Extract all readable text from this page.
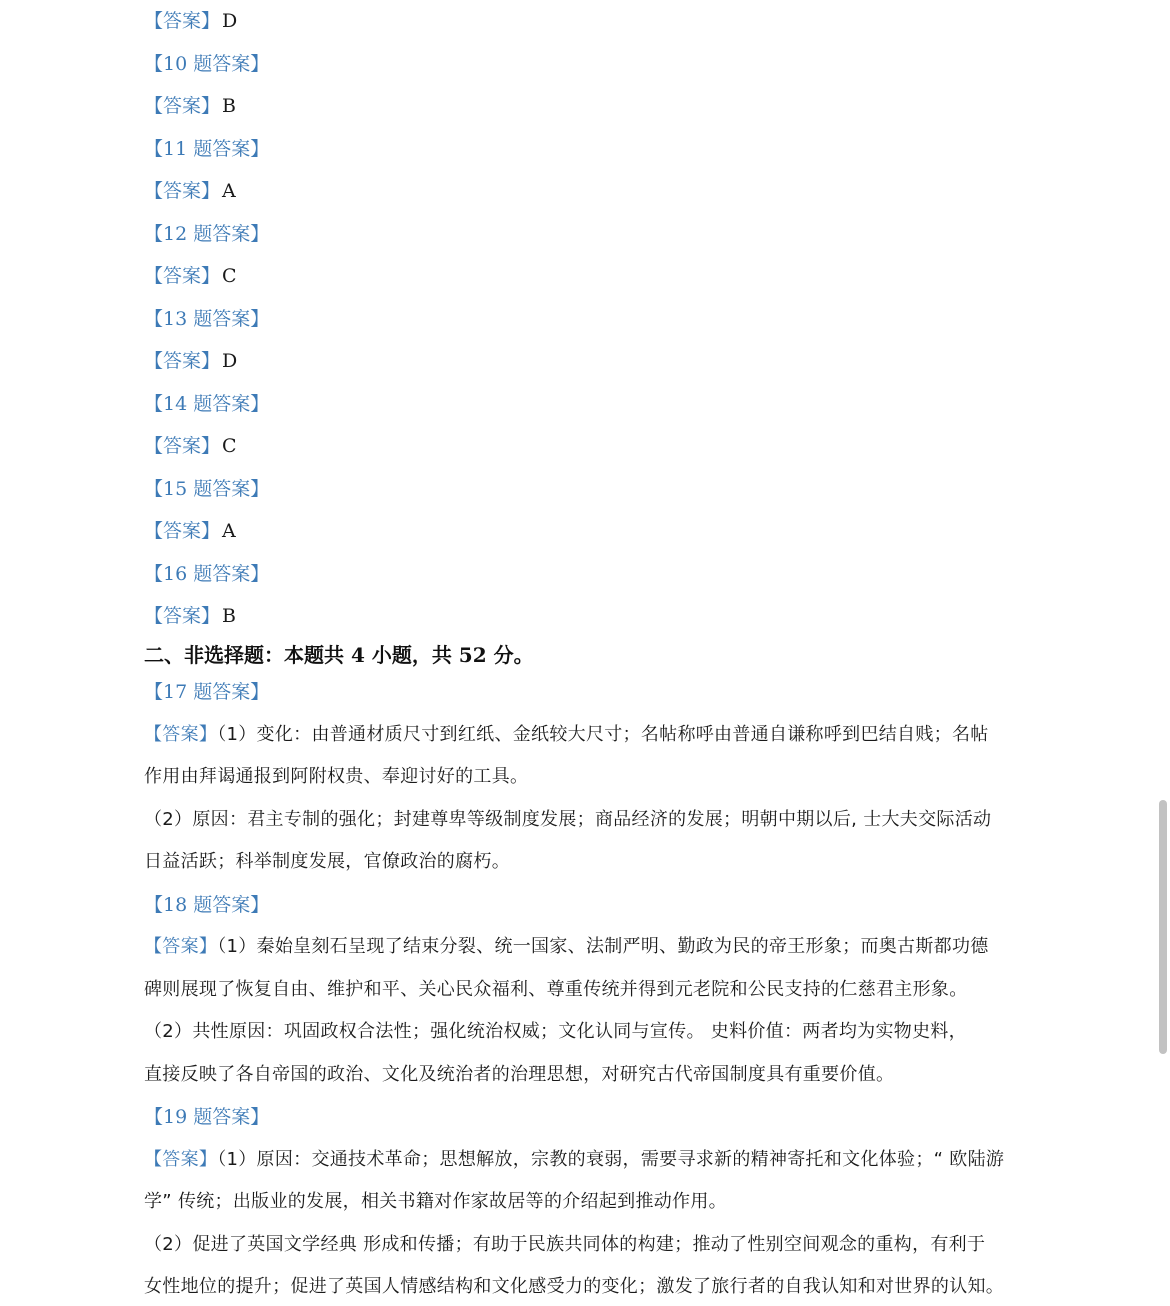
【答案】 D
【10 题答案】
【答案】 B
【11 题答案】
【答案】 A
【12 题答案】
【答案】 C
【13 题答案】
【答案】 D
【14 题答案】
【答案】 C
【15 题答案】
【答案】 A
【16 题答案】
【答案】 B
二、非选择题：本题共 4 小题，共 52 分。
【17 题答案】
【答案】（1）变化：由普通材质尺寸到红纸、金纸较大尺寸；名帖称呼由普通自谦称呼到巴结自贱；名帖
作用由拜谒通报到阿附权贵、奉迎讨好的工具。
（2）原因：君主专制的强化；封建尊卑等级制度发展；商品经济的发展；明朝中期以后, 士大夫交际活动
日益活跃；科举制度发展，官僚政治的腐朽。
【18 题答案】
【答案】（1）秦始皇刻石呈现了结束分裂、统一国家、法制严明、勤政为民的帝王形象；而奥古斯都功德
碑则展现了恢复自由、维护和平、关心民众福利、尊重传统并得到元老院和公民支持的仁慈君主形象。
（2）共性原因：巩固政权合法性；强化统治权威；文化认同与宣传。 史料价值：两者均为实物史料，
直接反映了各自帝国的政治、文化及统治者的治理思想，对研究古代帝国制度具有重要价值。
【19 题答案】
【答案】（1）原因：交通技术革命；思想解放，宗教的衰弱，需要寻求新的精神寄托和文化体验；“ 欧陆游
学” 传统；出版业的发展，相关书籍对作家故居等的介绍起到推动作用。
（2）促进了英国文学经典 形成和传播；有助于民族共同体的构建；推动了性别空间观念的重构，有利于
女性地位的提升；促进了英国人情感结构和文化感受力的变化；激发了旅行者的自我认知和对世界的认知。
